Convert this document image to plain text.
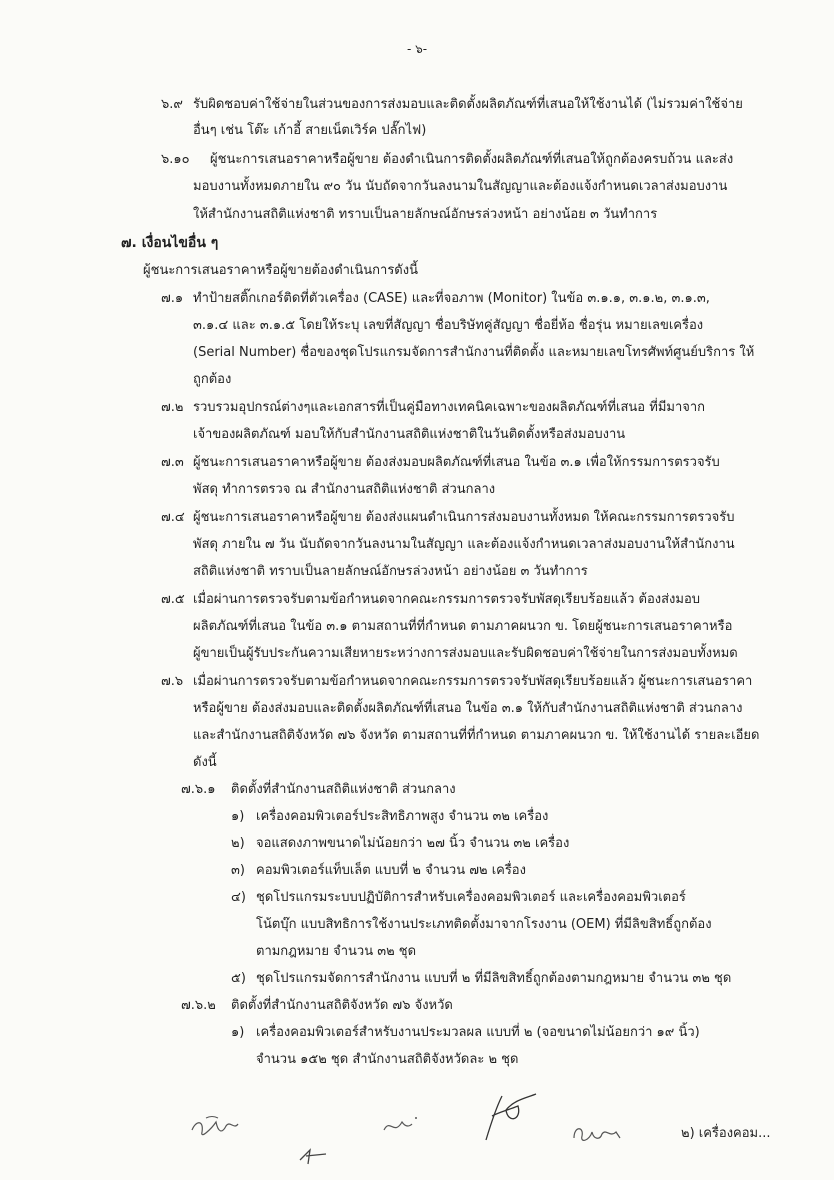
- ๖-
๖.๙ รับผิดชอบค่าใช้จ่ายในส่วนของการส่งมอบและติดตั้งผลิตภัณฑ์ที่เสนอให้ใช้งานได้ (ไม่รวมค่าใช้จ่าย
อื่นๆ เช่น โต๊ะ เก้าอี้ สายเน็ตเวิร์ค ปลั๊กไฟ)
๖.๑๐ ผู้ชนะการเสนอราคาหรือผู้ขาย ต้องดำเนินการติดตั้งผลิตภัณฑ์ที่เสนอให้ถูกต้องครบถ้วน และส่ง
มอบงานทั้งหมดภายใน ๙๐ วัน นับถัดจากวันลงนามในสัญญาและต้องแจ้งกำหนดเวลาส่งมอบงาน
ให้สำนักงานสถิติแห่งชาติ ทราบเป็นลายลักษณ์อักษรล่วงหน้า อย่างน้อย ๓ วันทำการ
๗. เงื่อนไขอื่น ๆ
ผู้ชนะการเสนอราคาหรือผู้ขายต้องดำเนินการดังนี้
๗.๑ ทำป้ายสติ๊กเกอร์ติดที่ตัวเครื่อง (CASE) และที่จอภาพ (Monitor) ในข้อ ๓.๑.๑, ๓.๑.๒, ๓.๑.๓,
๓.๑.๔ และ ๓.๑.๕ โดยให้ระบุ เลขที่สัญญา ชื่อบริษัทคู่สัญญา ชื่อยี่ห้อ ชื่อรุ่น หมายเลขเครื่อง
(Serial Number) ชื่อของชุดโปรแกรมจัดการสำนักงานที่ติดตั้ง และหมายเลขโทรศัพท์ศูนย์บริการ ให้
ถูกต้อง
๗.๒ รวบรวมอุปกรณ์ต่างๆและเอกสารที่เป็นคู่มือทางเทคนิคเฉพาะของผลิตภัณฑ์ที่เสนอ ที่มีมาจาก
เจ้าของผลิตภัณฑ์ มอบให้กับสำนักงานสถิติแห่งชาติในวันติดตั้งหรือส่งมอบงาน
๗.๓ ผู้ชนะการเสนอราคาหรือผู้ขาย ต้องส่งมอบผลิตภัณฑ์ที่เสนอ ในข้อ ๓.๑ เพื่อให้กรรมการตรวจรับ
พัสดุ ทำการตรวจ ณ สำนักงานสถิติแห่งชาติ ส่วนกลาง
๗.๔ ผู้ชนะการเสนอราคาหรือผู้ขาย ต้องส่งแผนดำเนินการส่งมอบงานทั้งหมด ให้คณะกรรมการตรวจรับ
พัสดุ ภายใน ๗ วัน นับถัดจากวันลงนามในสัญญา และต้องแจ้งกำหนดเวลาส่งมอบงานให้สำนักงาน
สถิติแห่งชาติ ทราบเป็นลายลักษณ์อักษรล่วงหน้า อย่างน้อย ๓ วันทำการ
๗.๕ เมื่อผ่านการตรวจรับตามข้อกำหนดจากคณะกรรมการตรวจรับพัสดุเรียบร้อยแล้ว ต้องส่งมอบ
ผลิตภัณฑ์ที่เสนอ ในข้อ ๓.๑ ตามสถานที่ที่กำหนด ตามภาคผนวก ข. โดยผู้ชนะการเสนอราคาหรือ
ผู้ขายเป็นผู้รับประกันความเสียหายระหว่างการส่งมอบและรับผิดชอบค่าใช้จ่ายในการส่งมอบทั้งหมด
๗.๖ เมื่อผ่านการตรวจรับตามข้อกำหนดจากคณะกรรมการตรวจรับพัสดุเรียบร้อยแล้ว ผู้ชนะการเสนอราคา
หรือผู้ขาย ต้องส่งมอบและติดตั้งผลิตภัณฑ์ที่เสนอ ในข้อ ๓.๑ ให้กับสำนักงานสถิติแห่งชาติ ส่วนกลาง
และสำนักงานสถิติจังหวัด ๗๖ จังหวัด ตามสถานที่ที่กำหนด ตามภาคผนวก ข. ให้ใช้งานได้ รายละเอียด
ดังนี้
๗.๖.๑ ติดตั้งที่สำนักงานสถิติแห่งชาติ ส่วนกลาง
๑) เครื่องคอมพิวเตอร์ประสิทธิภาพสูง จำนวน ๓๒ เครื่อง
๒) จอแสดงภาพขนาดไม่น้อยกว่า ๒๗ นิ้ว จำนวน ๓๒ เครื่อง
๓) คอมพิวเตอร์แท็บเล็ต แบบที่ ๒ จำนวน ๗๒ เครื่อง
๔) ชุดโปรแกรมระบบปฏิบัติการสำหรับเครื่องคอมพิวเตอร์ และเครื่องคอมพิวเตอร์
โน้ตบุ๊ก แบบสิทธิการใช้งานประเภทติดตั้งมาจากโรงงาน (OEM) ที่มีลิขสิทธิ์ถูกต้อง
ตามกฎหมาย จำนวน ๓๒ ชุด
๕) ชุดโปรแกรมจัดการสำนักงาน แบบที่ ๒ ที่มีลิขสิทธิ์ถูกต้องตามกฎหมาย จำนวน ๓๒ ชุด
๗.๖.๒ ติดตั้งที่สำนักงานสถิติจังหวัด ๗๖ จังหวัด
๑) เครื่องคอมพิวเตอร์สำหรับงานประมวลผล แบบที่ ๒ (จอขนาดไม่น้อยกว่า ๑๙ นิ้ว)
จำนวน ๑๕๒ ชุด สำนักงานสถิติจังหวัดละ ๒ ชุด
๒) เครื่องคอม...
